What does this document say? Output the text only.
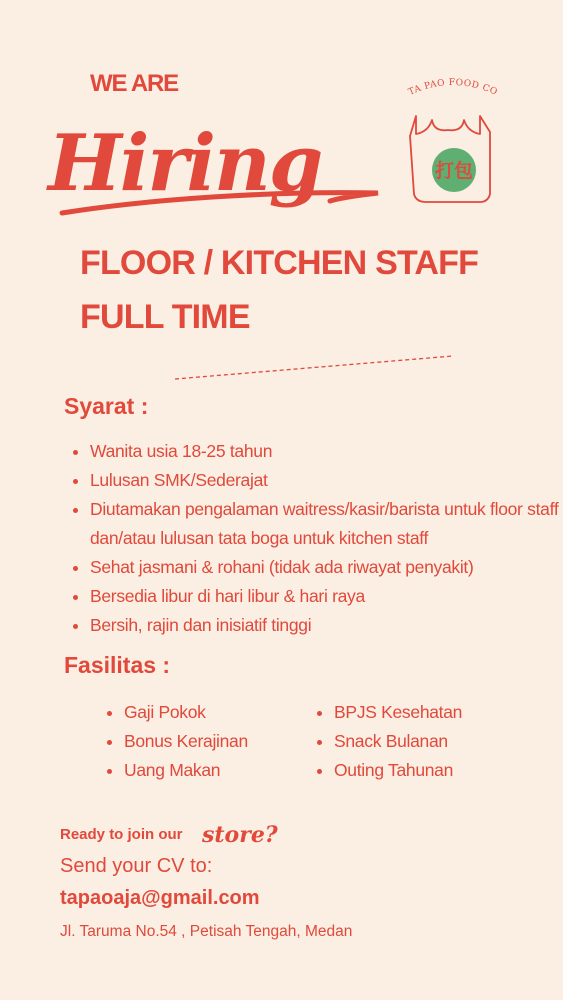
WE ARE
Hiring
TA PAO FOOD CO
打包
FLOOR / KITCHEN STAFF
FULL TIME
Syarat :
• Wanita usia 18-25 tahun
• Lulusan SMK/Sederajat
• Diutamakan pengalaman waitress/kasir/barista untuk floor staff dan/atau lulusan tata boga untuk kitchen staff
• Sehat jasmani & rohani (tidak ada riwayat penyakit)
• Bersedia libur di hari libur & hari raya
• Bersih, rajin dan inisiatif tinggi
Fasilitas :
• Gaji Pokok
• Bonus Kerajinan
• Uang Makan
• BPJS Kesehatan
• Snack Bulanan
• Outing Tahunan
Ready to join our store?
Send your CV to:
tapaoaja@gmail.com
Jl. Taruma No.54 , Petisah Tengah, Medan
